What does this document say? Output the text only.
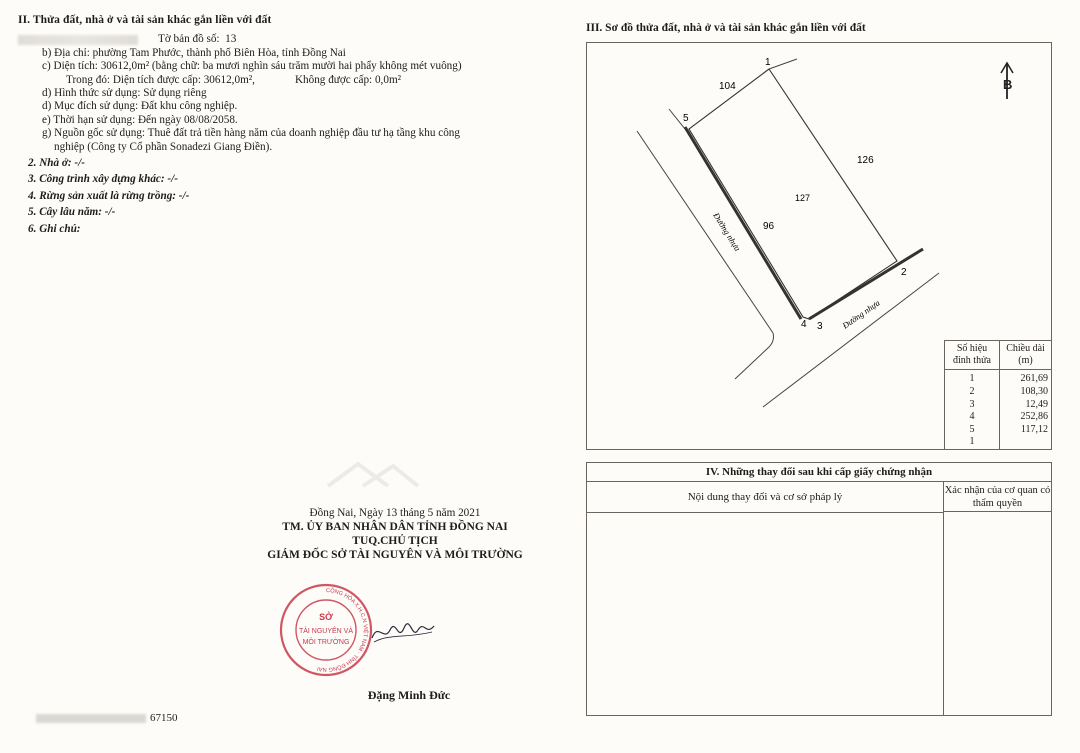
II. Thửa đất, nhà ở và tài sản khác gắn liền với đất
Tờ bản đồ số:
13
b) Địa chỉ: phường Tam Phước, thành phố Biên Hòa, tỉnh Đồng Nai
c) Diện tích: 30612,0m² (bằng chữ: ba mươi nghìn sáu trăm mười hai phẩy không mét vuông)
Trong đó: Diện tích được cấp: 30612,0m²,	Không được cấp: 0,0m²
d) Hình thức sử dụng: Sử dụng riêng
d) Mục đích sử dụng: Đất khu công nghiệp.
e) Thời hạn sử dụng: Đến ngày 08/08/2058.
g) Nguồn gốc sử dụng: Thuê đất trả tiền hàng năm của doanh nghiệp đầu tư hạ tầng khu công
nghiệp (Công ty Cổ phần Sonadezi Giang Điền).
2. Nhà ở: -/-
3. Công trình xây dựng khác: -/-
4. Rừng sản xuất là rừng trồng: -/-
5. Cây lâu năm: -/-
6. Ghi chú:
Đồng Nai, Ngày 13 tháng 5 năm 2021
TM. ỦY BAN NHÂN DÂN TỈNH ĐỒNG NAI
TUQ.CHỦ TỊCH
GIÁM ĐỐC SỞ TÀI NGUYÊN VÀ MÔI TRƯỜNG
SỞ
TÀI NGUYÊN VÀ
MÔI TRƯỜNG
CỘNG HÒA X.H.C.N VIỆT NAM · TỈNH ĐỒNG NAI
Đặng Minh Đức
67150
III. Sơ đồ thửa đất, nhà ở và tài sản khác gắn liền với đất
B
1
2
3
4
5
104
126
127
96
Đường nhựa
Đường nhựa
Số hiệu đỉnh thửa	Chiều dài (m)
1	261,69
2	108,30
3	12,49
4	252,86
5	117,12
1	
IV. Những thay đổi sau khi cấp giấy chứng nhận
Nội dung thay đổi và cơ sở pháp lý
Xác nhận của cơ quan có thẩm quyền
